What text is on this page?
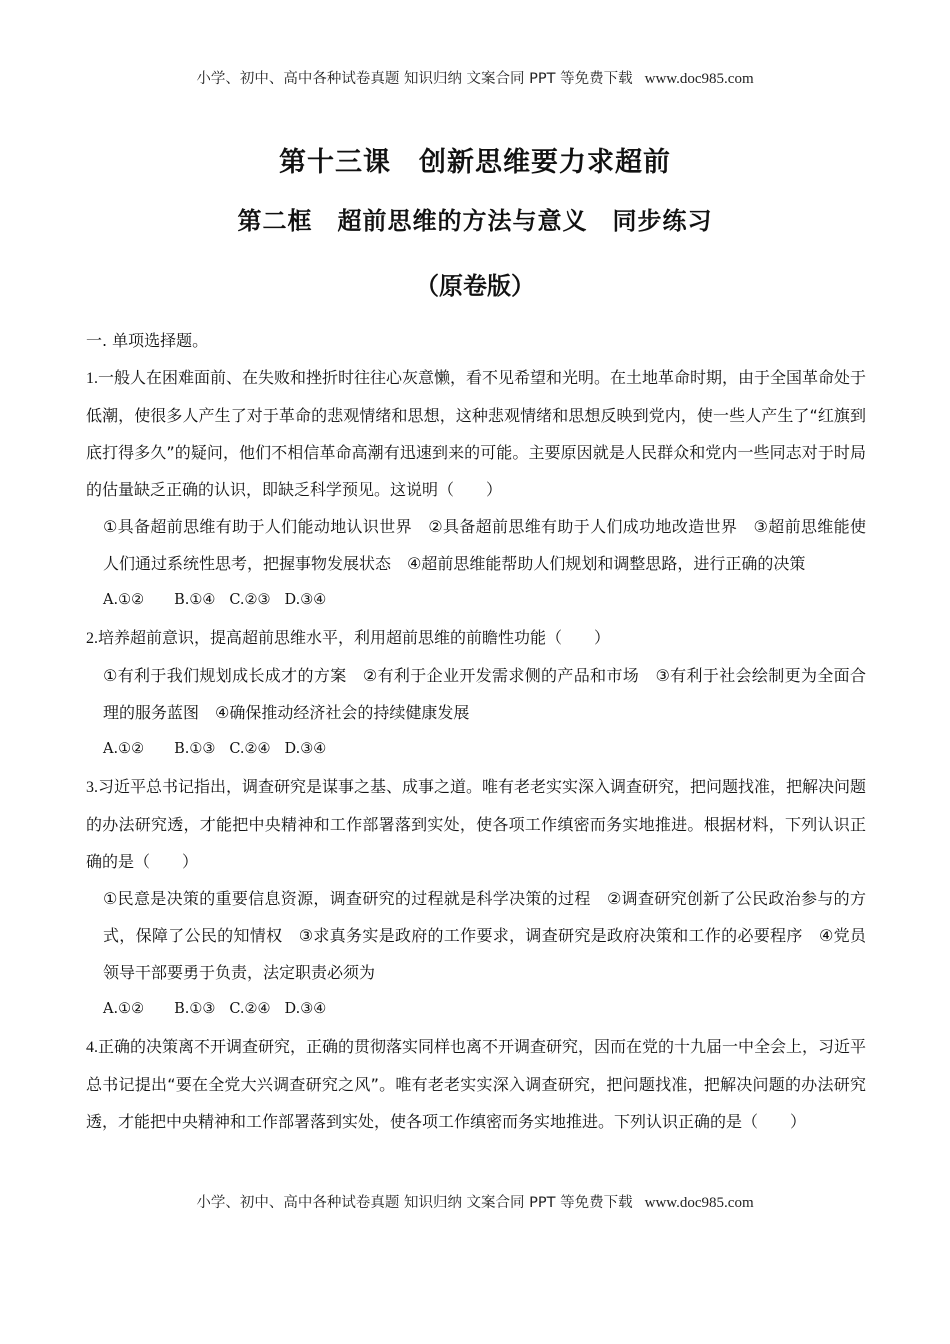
小学、初中、高中各种试卷真题 知识归纳 文案合同 PPT 等免费下载 www.doc985.com
第十三课　创新思维要力求超前
第二框　超前思维的方法与意义　同步练习
（原卷版）

一. 单项选择题。

1.一般人在困难面前、在失败和挫折时往往心灰意懒，看不见希望和光明。在土地革命时期，由于全国革命处于低潮，使很多人产生了对于革命的悲观情绪和思想，这种悲观情绪和思想反映到党内，使一些人产生了“红旗到底打得多久”的疑问，他们不相信革命高潮有迅速到来的可能。主要原因就是人民群众和党内一些同志对于时局的估量缺乏正确的认识，即缺乏科学预见。这说明（　　）

①具备超前思维有助于人们能动地认识世界　②具备超前思维有助于人们成功地改造世界　③超前思维能使人们通过系统性思考，把握事物发展状态　④超前思维能帮助人们规划和调整思路，进行正确的决策

A.①② B.①④ C.②③ D.③④

2.培养超前意识，提高超前思维水平，利用超前思维的前瞻性功能（　　）

①有利于我们规划成长成才的方案　②有利于企业开发需求侧的产品和市场　③有利于社会绘制更为全面合理的服务蓝图　④确保推动经济社会的持续健康发展

A.①② B.①③ C.②④ D.③④

3.习近平总书记指出，调查研究是谋事之基、成事之道。唯有老老实实深入调查研究，把问题找准，把解决问题的办法研究透，才能把中央精神和工作部署落到实处，使各项工作缜密而务实地推进。根据材料，下列认识正确的是（　　）

①民意是决策的重要信息资源，调查研究的过程就是科学决策的过程　②调查研究创新了公民政治参与的方式，保障了公民的知情权　③求真务实是政府的工作要求，调查研究是政府决策和工作的必要程序　④党员领导干部要勇于负责，法定职责必须为

A.①② B.①③ C.②④ D.③④

4.正确的决策离不开调查研究，正确的贯彻落实同样也离不开调查研究，因而在党的十九届一中全会上，习近平总书记提出“要在全党大兴调查研究之风”。唯有老老实实深入调查研究，把问题找准，把解决问题的办法研究透，才能把中央精神和工作部署落到实处，使各项工作缜密而务实地推进。下列认识正确的是（　　）

小学、初中、高中各种试卷真题 知识归纳 文案合同 PPT 等免费下载 www.doc985.com
